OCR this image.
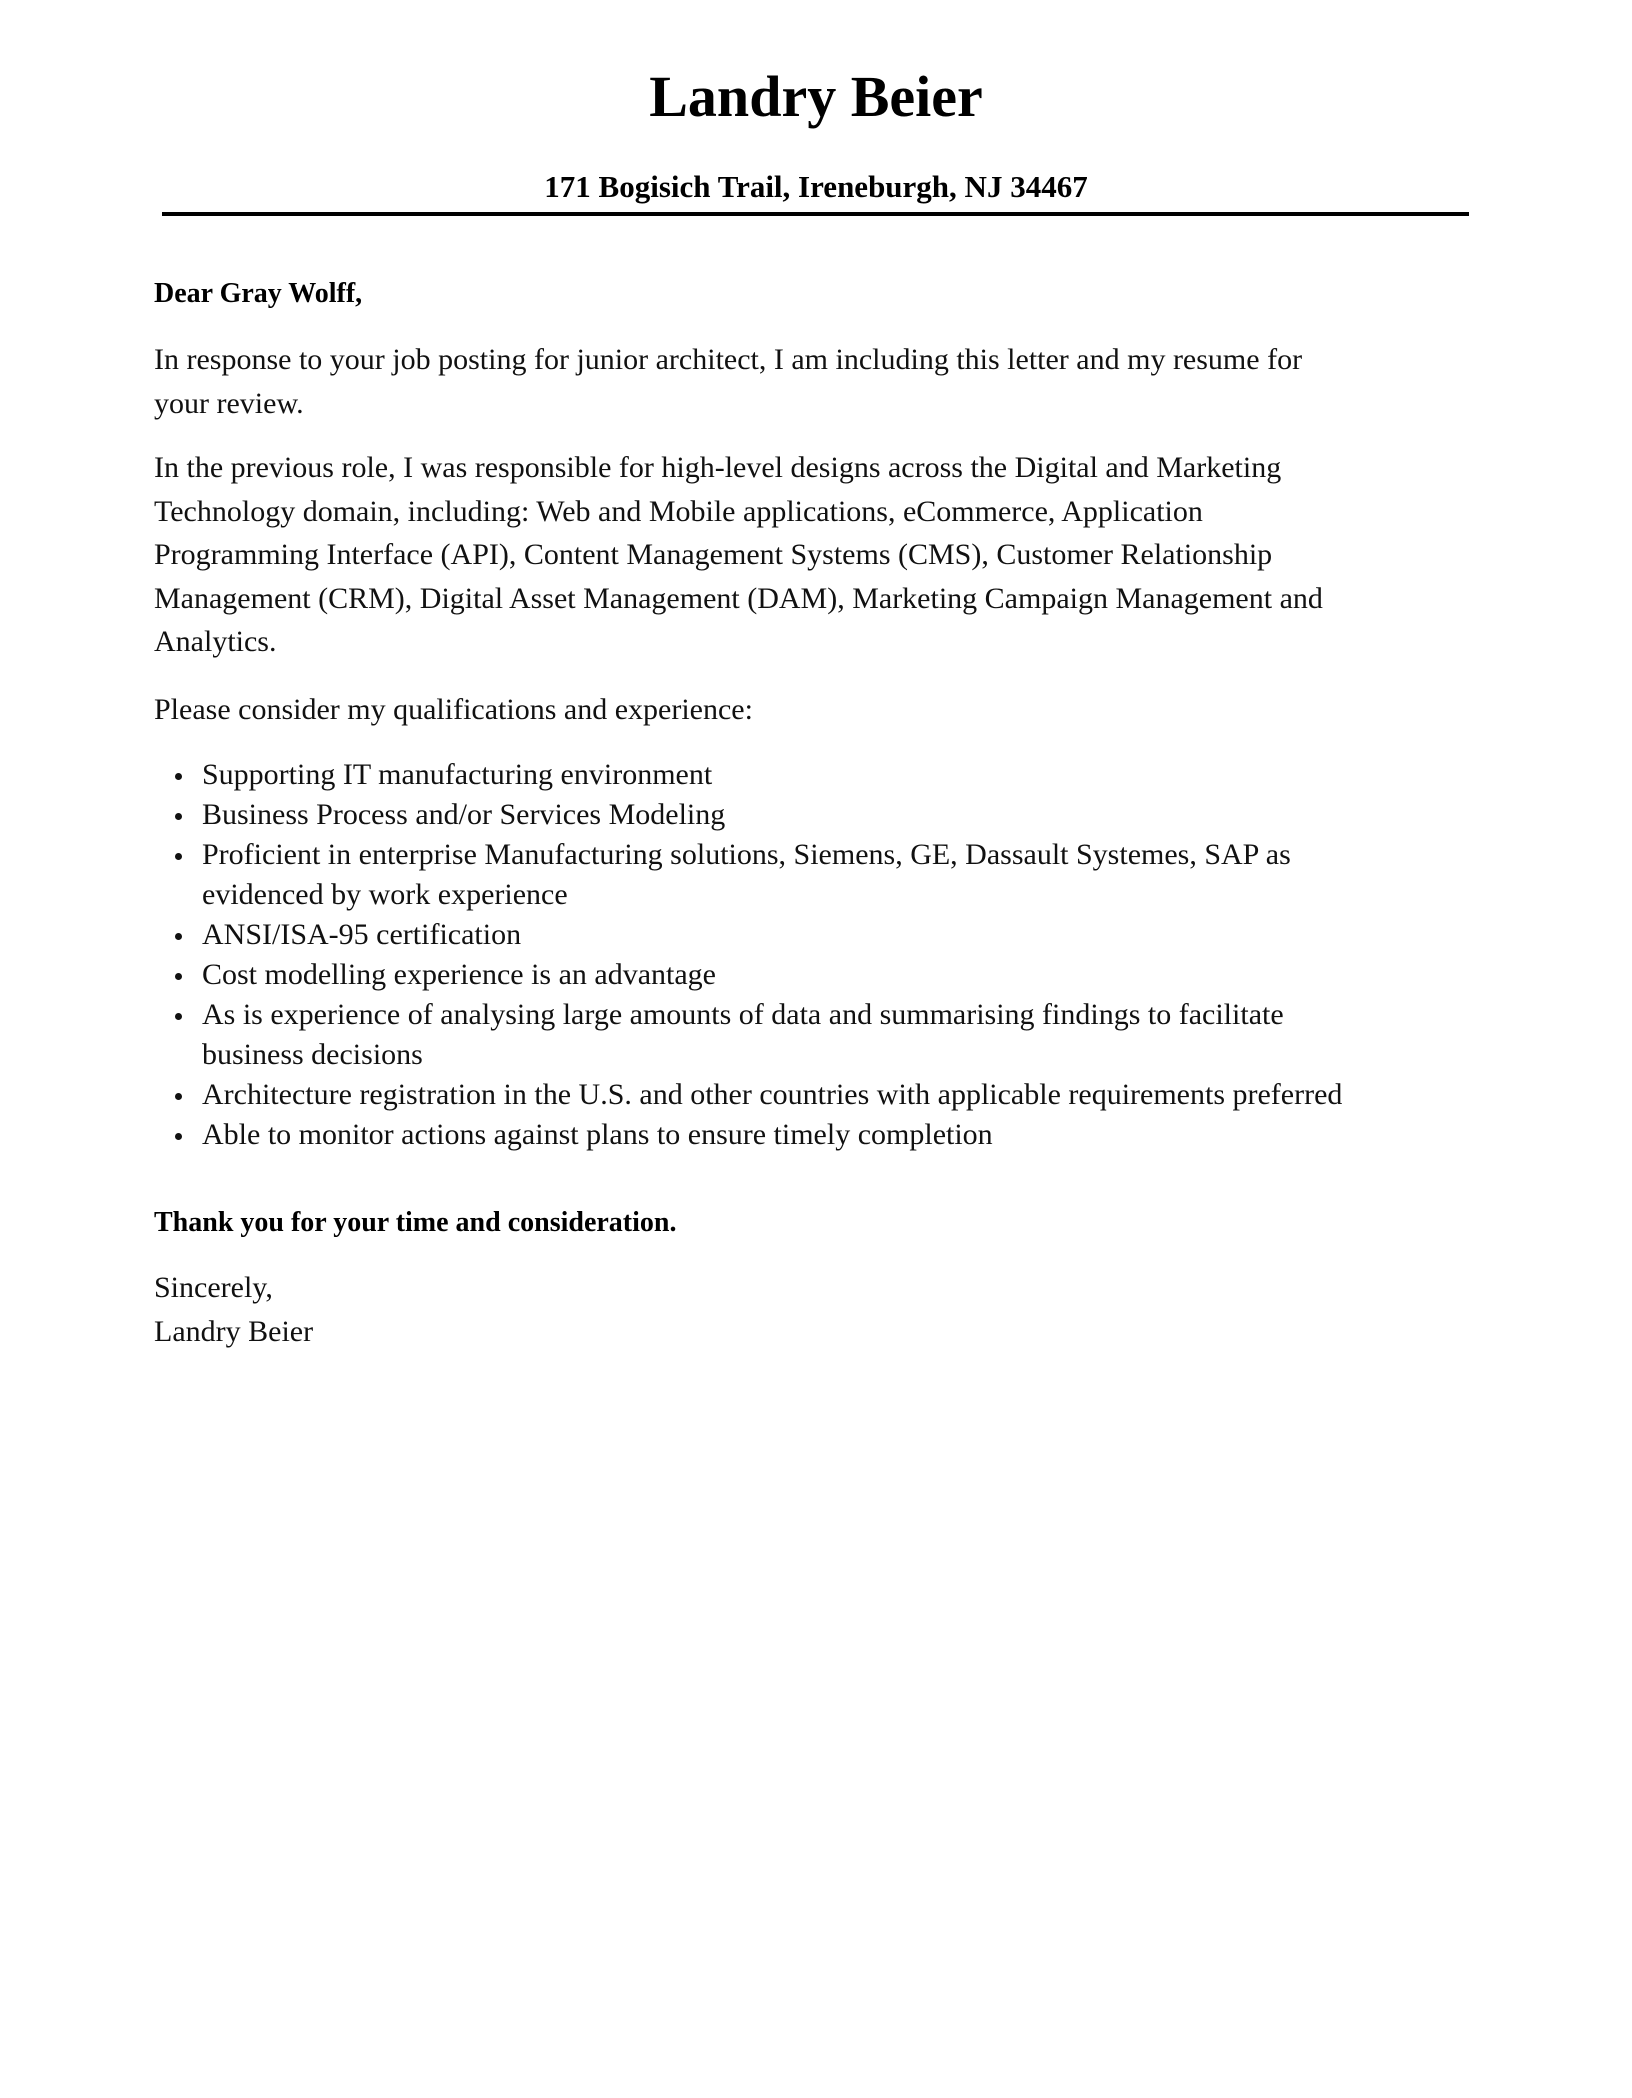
Landry Beier
171 Bogisich Trail, Ireneburgh, NJ 34467

Dear Gray Wolff,

In response to your job posting for junior architect, I am including this letter and my resume for
your review.

In the previous role, I was responsible for high-level designs across the Digital and Marketing
Technology domain, including: Web and Mobile applications, eCommerce, Application
Programming Interface (API), Content Management Systems (CMS), Customer Relationship
Management (CRM), Digital Asset Management (DAM), Marketing Campaign Management and
Analytics.

Please consider my qualifications and experience:

Supporting IT manufacturing environment
Business Process and/or Services Modeling
Proficient in enterprise Manufacturing solutions, Siemens, GE, Dassault Systemes, SAP as
evidenced by work experience
ANSI/ISA-95 certification
Cost modelling experience is an advantage
As is experience of analysing large amounts of data and summarising findings to facilitate
business decisions
Architecture registration in the U.S. and other countries with applicable requirements preferred
Able to monitor actions against plans to ensure timely completion

Thank you for your time and consideration.

Sincerely,
Landry Beier
